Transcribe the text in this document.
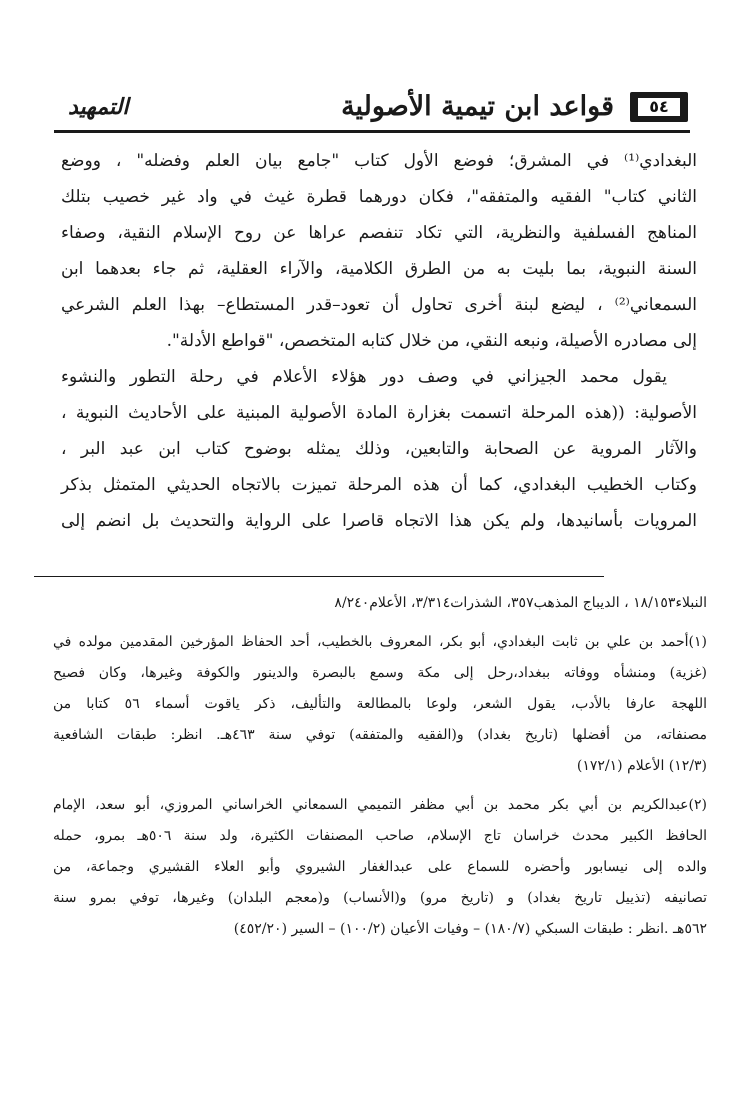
٥٤
قواعد ابن تيمية الأصولية
التمهيد
البغدادي⁽¹⁾ في المشرق؛ فوضع الأول كتاب "جامع بيان العلم وفضله" ، ووضع
الثاني كتاب" الفقيه والمتفقه"، فكان دورهما قطرة غيث في واد غير خصيب بتلك
المناهج الفسلفية والنظرية، التي تكاد تنفصم عراها عن روح الإسلام النقية، وصفاء
السنة النبوية، بما بليت به من الطرق الكلامية، والآراء العقلية، ثم جاء بعدهما ابن
السمعاني⁽²⁾ ، ليضع لبنة أخرى تحاول أن تعود–قدر المستطاع– بهذا العلم الشرعي
إلى مصادره الأصيلة، ونبعه النقي، من خلال كتابه المتخصص، "قواطع الأدلة".
يقول محمد الجيزاني في وصف دور هؤلاء الأعلام في رحلة التطور والنشوء
الأصولية: ((هذه المرحلة اتسمت بغزارة المادة الأصولية المبنية على الأحاديث النبوية ،
والآثار المروية عن الصحابة والتابعين، وذلك يمثله بوضوح كتاب ابن عبد البر ،
وكتاب الخطيب البغدادي، كما أن هذه المرحلة تميزت بالاتجاه الحديثي المتمثل بذكر
المرويات بأسانيدها، ولم يكن هذا الاتجاه قاصرا على الرواية والتحديث بل انضم إلى
النبلاء١٨/١٥٣ ، الديباج المذهب٣٥٧، الشذرات٣/٣١٤، الأعلام٨/٢٤٠
(١)أحمد بن علي بن ثابت البغدادي، أبو بكر، المعروف بالخطيب، أحد الحفاظ المؤرخين المقدمين مولده في
(غزية) ومنشأه ووفاته ببغداد،رحل إلى مكة وسمع بالبصرة والدينور والكوفة وغيرها، وكان فصيح
اللهجة عارفا بالأدب، يقول الشعر، ولوعا بالمطالعة والتأليف، ذكر ياقوت أسماء ٥٦ كتابا من
مصنفاته، من أفضلها (تاريخ بغداد) و(الفقيه والمتفقه) توفي سنة ٤٦٣هـ. انظر: طبقات الشافعية
(١٢/٣) الأعلام (١٧٢/١)
(٢)عبدالكريم بن أبي بكر محمد بن أبي مظفر التميمي السمعاني الخراساني المروزي، أبو سعد، الإمام
الحافظ الكبير محدث خراسان تاج الإسلام، صاحب المصنفات الكثيرة، ولد سنة ٥٠٦هـ بمرو، حمله
والده إلى نيسابور وأحضره للسماع على عبدالغفار الشيروي وأبو العلاء القشيري وجماعة، من
تصانيفه (تذييل تاريخ بغداد) و (تاريخ مرو) و(الأنساب) و(معجم البلدان) وغيرها، توفي بمرو سنة
٥٦٢هـ .انظر : طبقات السبكي (١٨٠/٧) – وفيات الأعيان (١٠٠/٢) – السير (٤٥٢/٢٠)
